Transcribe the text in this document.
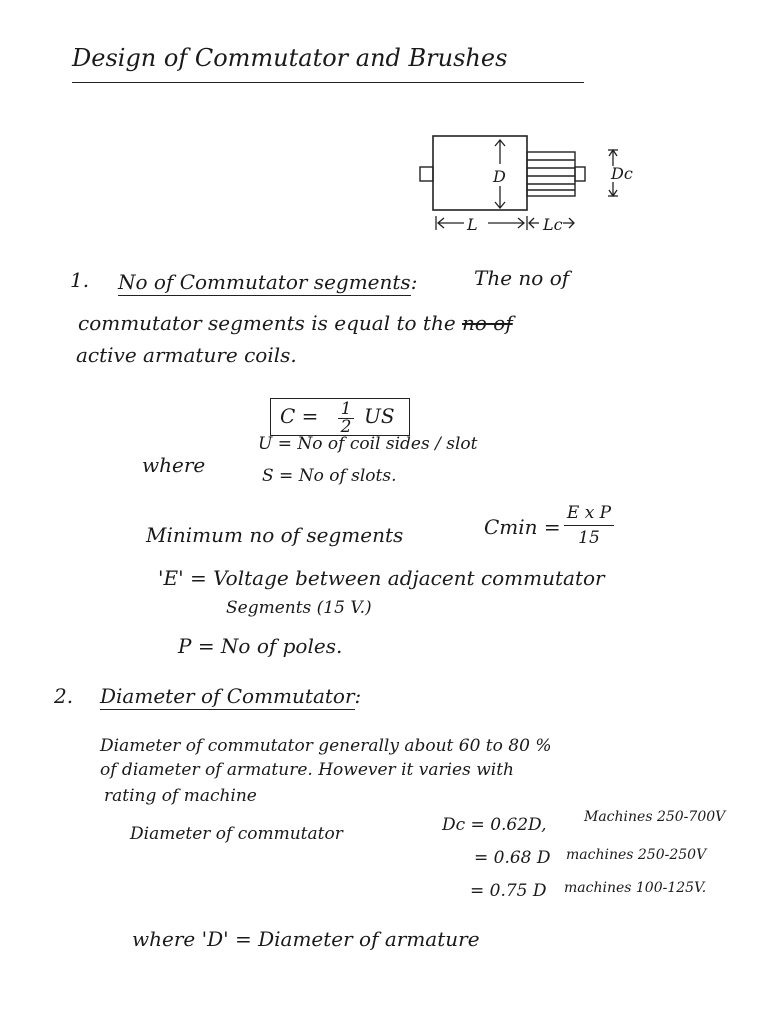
Design of Commutator and Brushes
D	Dc
L	Lc
1. No of Commutator segments:	The no of
commutator segments is equal to the no of
active armature coils.
C = 1
2 US
where
U = No of coil sides / slot
S = No of slots.
Minimum no of segments	Cmin =
E x P
15
'E' = Voltage between adjacent commutator
Segments (15 V.)
P = No of poles.
2. Diameter of Commutator:
Diameter of commutator generally about 60 to 80 %
of diameter of armature. However it varies with
rating of machine
Diameter of commutator	Dc = 0.62D,	Machines 250-700V
= 0.68 D machines 250-250V
= 0.75 D machines 100-125V.
where 'D' = Diameter of armature
